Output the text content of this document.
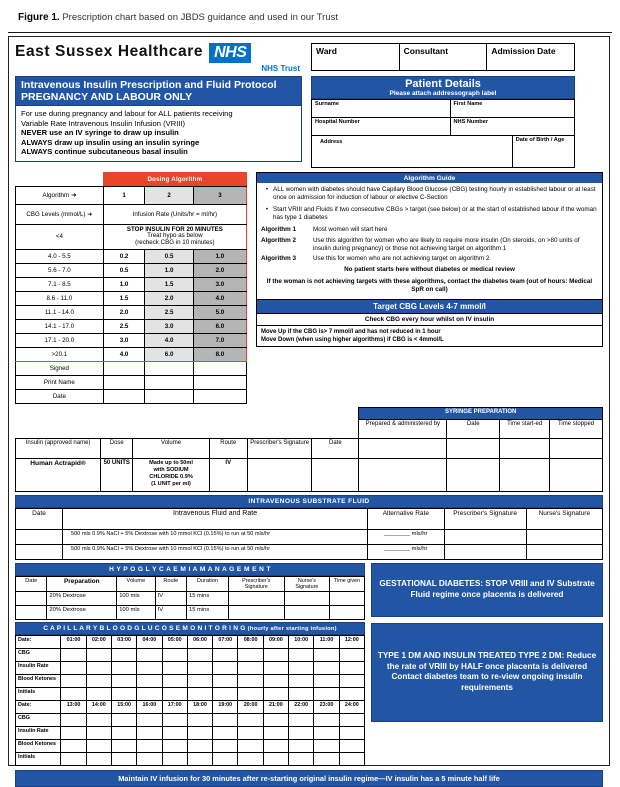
Figure 1. Prescription chart based on JBDS guidance and used in our Trust
East Sussex Healthcare NHS
NHS Trust
Ward	Consultant	Admission Date
Intravenous Insulin Prescription and Fluid Protocol
PREGNANCY AND LABOUR ONLY
For use during pregnancy and labour for ALL patients receiving
Variable Rate Intravenous Insulin Infusion (VRIII)
NEVER use an IV syringe to draw up insulin
ALWAYS draw up insulin using an insulin syringe
ALWAYS continue subcutaneous basal insulin
Patient Details
Please attach addressograph label
Surname	First Name	
Hospital Number	NHS Number	
Address		Date of Birth / Age
	Dosing Algorithm		
Algorithm ➜	1	2	3
CBG Levels (mmol/L) ➜	Infusion Rate (Units/hr = ml/hr)		
<4	STOP INSULIN FOR 20 MINUTES
Treat hypo as below
(recheck CBG in 10 minutes)		

4.0 - 5.5	0.2	0.5	1.0
5.6 - 7.0	0.5	1.0	2.0
7.1 - 8.5	1.0	1.5	3.0
8.6 - 11.0	1.5	2.0	4.0
11.1 - 14.0	2.0	2.5	5.0
14.1 - 17.0	2.5	3.0	6.0
17.1 - 20.0	3.0	4.0	7.0
>20.1	4.0	6.0	8.0
Signed			
Print Name			
Date			
Algorithm Guide
• ALL women with diabetes should have Capilary Blood Glucose (CBG) testing hourly in established labour or at least once on admission for induction of labour or elective C-Section
• Start VRIII and Fluids if two consecutive CBGs > target (see below) or at the start of established labour if the woman has type 1 diabetes
Algorithm 1	Most women will start here
Algorithm 2	Use this algorithm for women who are likely to require more insulin (On steroids, on >80 units of insulin during pregnancy) or those not achieving target on algorithm 1
Algorithm 3	Use this for women who are not achieving target on algorithm 2
No patient starts here without diabetes or medical review
If the woman is not achieving targets with these algorithms, contact the diabetes team (out of hours: Medical SpR on call)
Target CBG Levels 4-7 mmol/l
Check CBG every hour whilst on IV insulin
Move Up if the CBG is> 7 mmol/l and has not reduced in 1 hour
Move Down (when using higher algorithms) if CBG is < 4mmol/L
						SYRINGE PREPARATION			
						Prepared & administered by	Date	Time start-ed	Time stopped
Insulin (approved name)	Dose	Volume	Route	Prescriber's Signature	Date				
Human Actrapid®	50 UNITS	Made up to 50ml
with SODIUM
CHLORIDE 0.9%
(1 UNIT per ml)	IV						
INTRAVENOUS SUBSTRATE FLUID
Date	Intravenous Fluid and Rate	Alternative Rate	Prescriber's Signature	Nurse's Signature
	500 mls 0.9% NaCl + 5% Dextrose with 10 mmol KCl (0.15%) to run at 50 mls/hr	________ mls/hr		
	500 mls 0.9% NaCl + 5% Dextrose with 10 mmol KCl (0.15%) to run at 50 mls/hr	________ mls/hr		
H Y P O G L Y C A E M I A M A N A G E M E N T
Date	Preparation	Volume	Route	Duration	Prescriber's Signature	Nurse's Signature	Time given
	20% Dextrose	100 mls	IV	15 mins			
	20% Dextrose	100 mls	IV	15 mins			
C A P I L L A R Y B L O O D G L U C O S E M O N I T O R I N G (hourly after starting infusion)
Date:	01:00	02:00	03:00	04:00	05:00	06:00	07:00	08:00	09:00	10:00	11:00	12:00
CBG												
Insulin Rate												
Blood Ketones												
Initials												
Date:	13:00	14:00	15:00	16:00	17:00	18:00	19:00	20:00	21:00	22:00	23:00	24:00
CBG												
Insulin Rate												
Blood Ketones												
Initials												
GESTATIONAL DIABETES: STOP VRIII and IV Substrate Fluid regime once placenta is delivered
TYPE 1 DM AND INSULIN TREATED TYPE 2 DM: Reduce the rate of VRIII by HALF once placenta is delivered Contact diabetes team to re-view ongoing insulin requirements
Maintain IV infusion for 30 minutes after re-starting original insulin regime—IV insulin has a 5 minute half life
